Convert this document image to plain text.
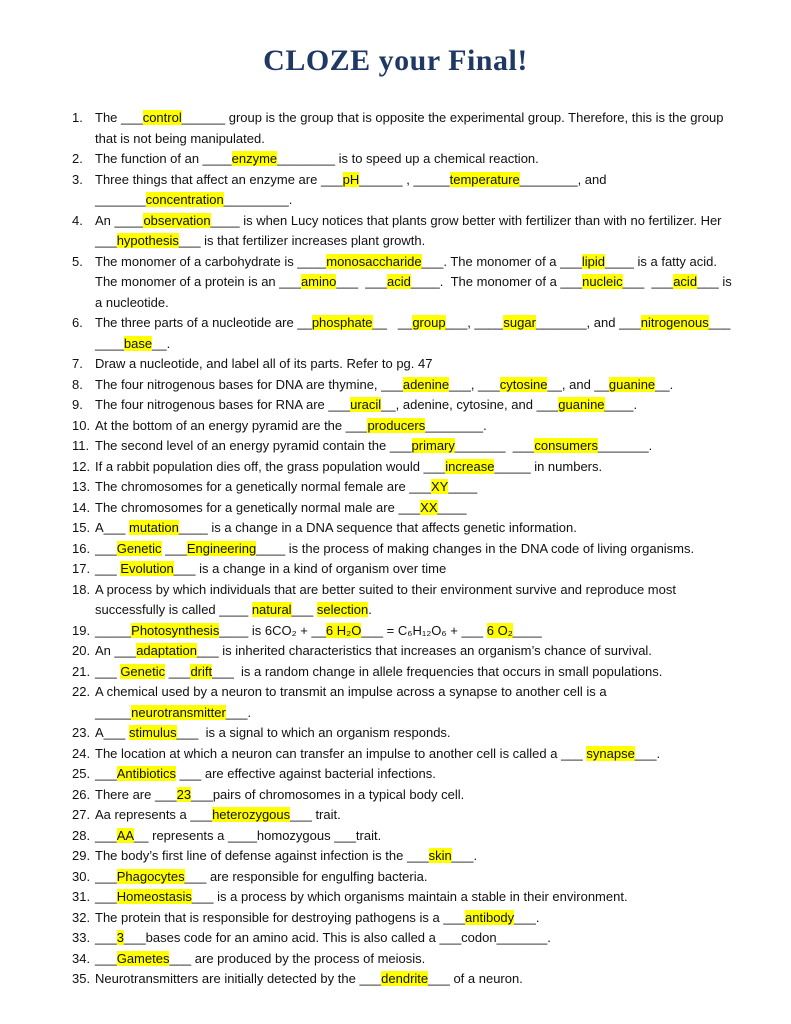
CLOZE your Final!
1. The ___control______ group is the group that is opposite the experimental group. Therefore, this is the group that is not being manipulated.
2. The function of an ____enzyme________ is to speed up a chemical reaction.
3. Three things that affect an enzyme are ___pH______ , _____temperature________, and _______concentration_________.
4. An ____observation____ is when Lucy notices that plants grow better with fertilizer than with no fertilizer. Her ___hypothesis___ is that fertilizer increases plant growth.
5. The monomer of a carbohydrate is ____monosaccharide___. The monomer of a ___lipid____ is a fatty acid. The monomer of a protein is an ___amino___  ___acid____.  The monomer of a ___nucleic___  ___acid___ is a nucleotide.
6. The three parts of a nucleotide are __phosphate__   __group___, ____sugar_______, and ___nitrogenous___ ____base__.
7. Draw a nucleotide, and label all of its parts. Refer to pg. 47
8. The four nitrogenous bases for DNA are thymine, ___adenine___, ___cytosine__, and __guanine__.
9. The four nitrogenous bases for RNA are ___uracil__, adenine, cytosine, and ___guanine____.
10. At the bottom of an energy pyramid are the ___producers________.
11. The second level of an energy pyramid contain the ___primary_______  ___consumers_______.
12. If a rabbit population dies off, the grass population would ___increase_____ in numbers.
13. The chromosomes for a genetically normal female are ___XY____
14. The chromosomes for a genetically normal male are ___XX____
15. A___ mutation____ is a change in a DNA sequence that affects genetic information.
16. ___Genetic ___Engineering____ is the process of making changes in the DNA code of living organisms.
17. ___ Evolution___ is a change in a kind of organism over time
18. A process by which individuals that are better suited to their environment survive and reproduce most successfully is called ____ natural___ selection.
19. _____Photosynthesis____ is 6CO₂ + __6 H₂O___ = C₆H₁₂O₆ + ___ 6 O₂____
20. An ___adaptation___ is inherited characteristics that increases an organism’s chance of survival.
21. ___ Genetic ___drift___  is a random change in allele frequencies that occurs in small populations.
22. A chemical used by a neuron to transmit an impulse across a synapse to another cell is a _____neurotransmitter___.
23. A___ stimulus___  is a signal to which an organism responds.
24. The location at which a neuron can transfer an impulse to another cell is called a ___ synapse___.
25. ___Antibiotics ___ are effective against bacterial infections.
26. There are ___23___pairs of chromosomes in a typical body cell.
27. Aa represents a ___heterozygous___ trait.
28. ___AA__ represents a ____homozygous ___trait.
29. The body’s first line of defense against infection is the ___skin___.
30. ___Phagocytes___ are responsible for engulfing bacteria.
31. ___Homeostasis___ is a process by which organisms maintain a stable in their environment.
32. The protein that is responsible for destroying pathogens is a ___antibody___.
33. ___3___bases code for an amino acid. This is also called a ___codon_______.
34. ___Gametes___ are produced by the process of meiosis.
35. Neurotransmitters are initially detected by the ___dendrite___ of a neuron.
